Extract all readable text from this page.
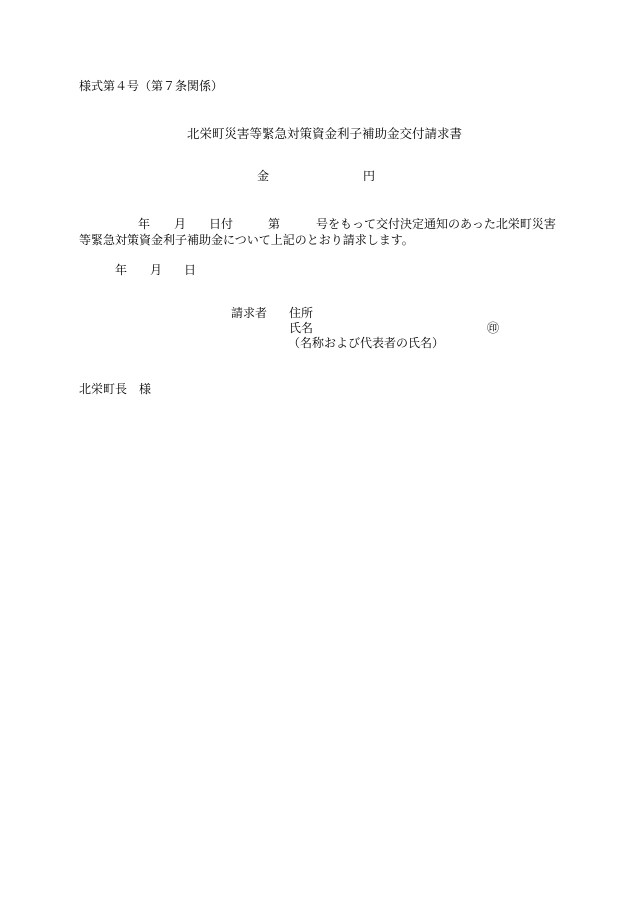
様式第４号（第７条関係）
北栄町災害等緊急対策資金利子補助金交付請求書
金	円
年 月 日付	第	号をもって交付決定通知のあった北栄町災害
等緊急対策資金利子補助金について上記のとおり請求します。
年 月 日
請求者 住所
氏名	㊞
（名称および代表者の氏名）
北栄町長　様
